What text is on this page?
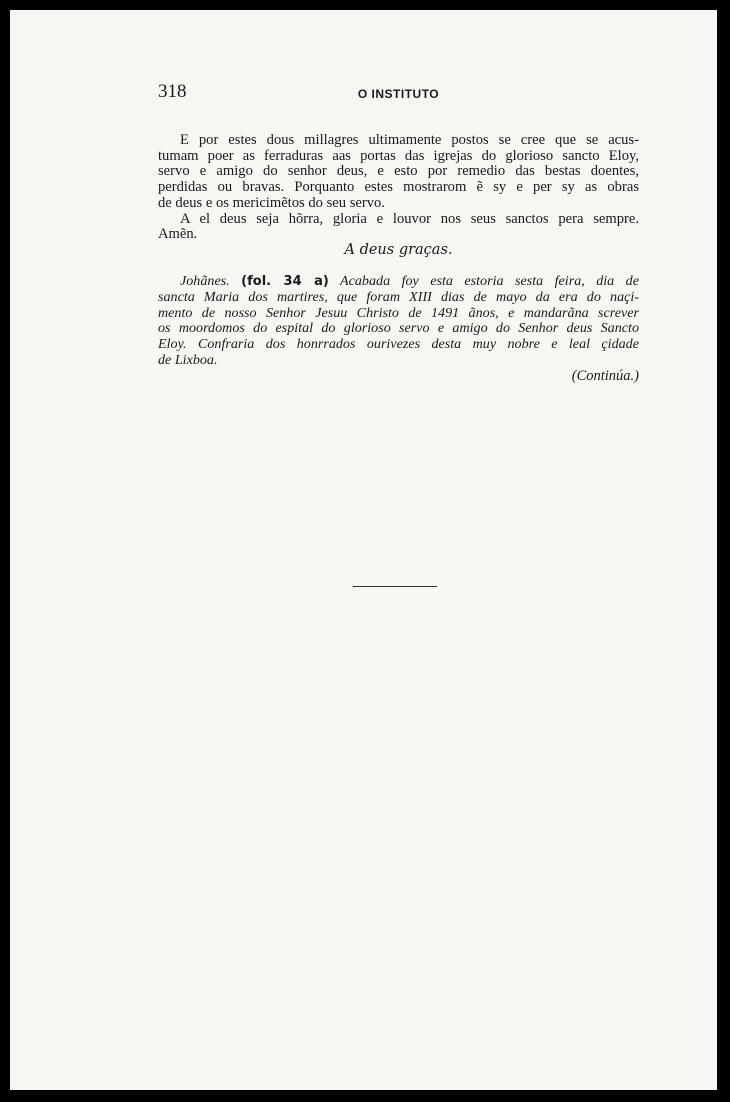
318	O INSTITUTO

E por estes dous millagres ultimamente postos se cree que se acus-
tumam poer as ferraduras aas portas das igrejas do glorioso sancto Eloy,
servo e amigo do senhor deus, e esto por remedio das bestas doentes,
perdidas ou bravas. Porquanto estes mostrarom ẽ sy e per sy as obras
de deus e os mericimẽtos do seu servo.

A el deus seja hõrra, gloria e louvor nos seus sanctos pera sempre.
Amẽn.

A deus graças.
Johãnes. (fol. 34 a) Acabada foy esta estoria sesta feira, dia de
sancta Maria dos martires, que foram XIII dias de mayo da era do naçi-
mento de nosso Senhor Jesuu Christo de 1491 ãnos, e mandarãna screver
os moordomos do espital do glorioso servo e amigo do Senhor deus Sancto
Eloy. Confraria dos honrrados ourivezes desta muy nobre e leal çidade
de Lixboa.
(Continúa.)
